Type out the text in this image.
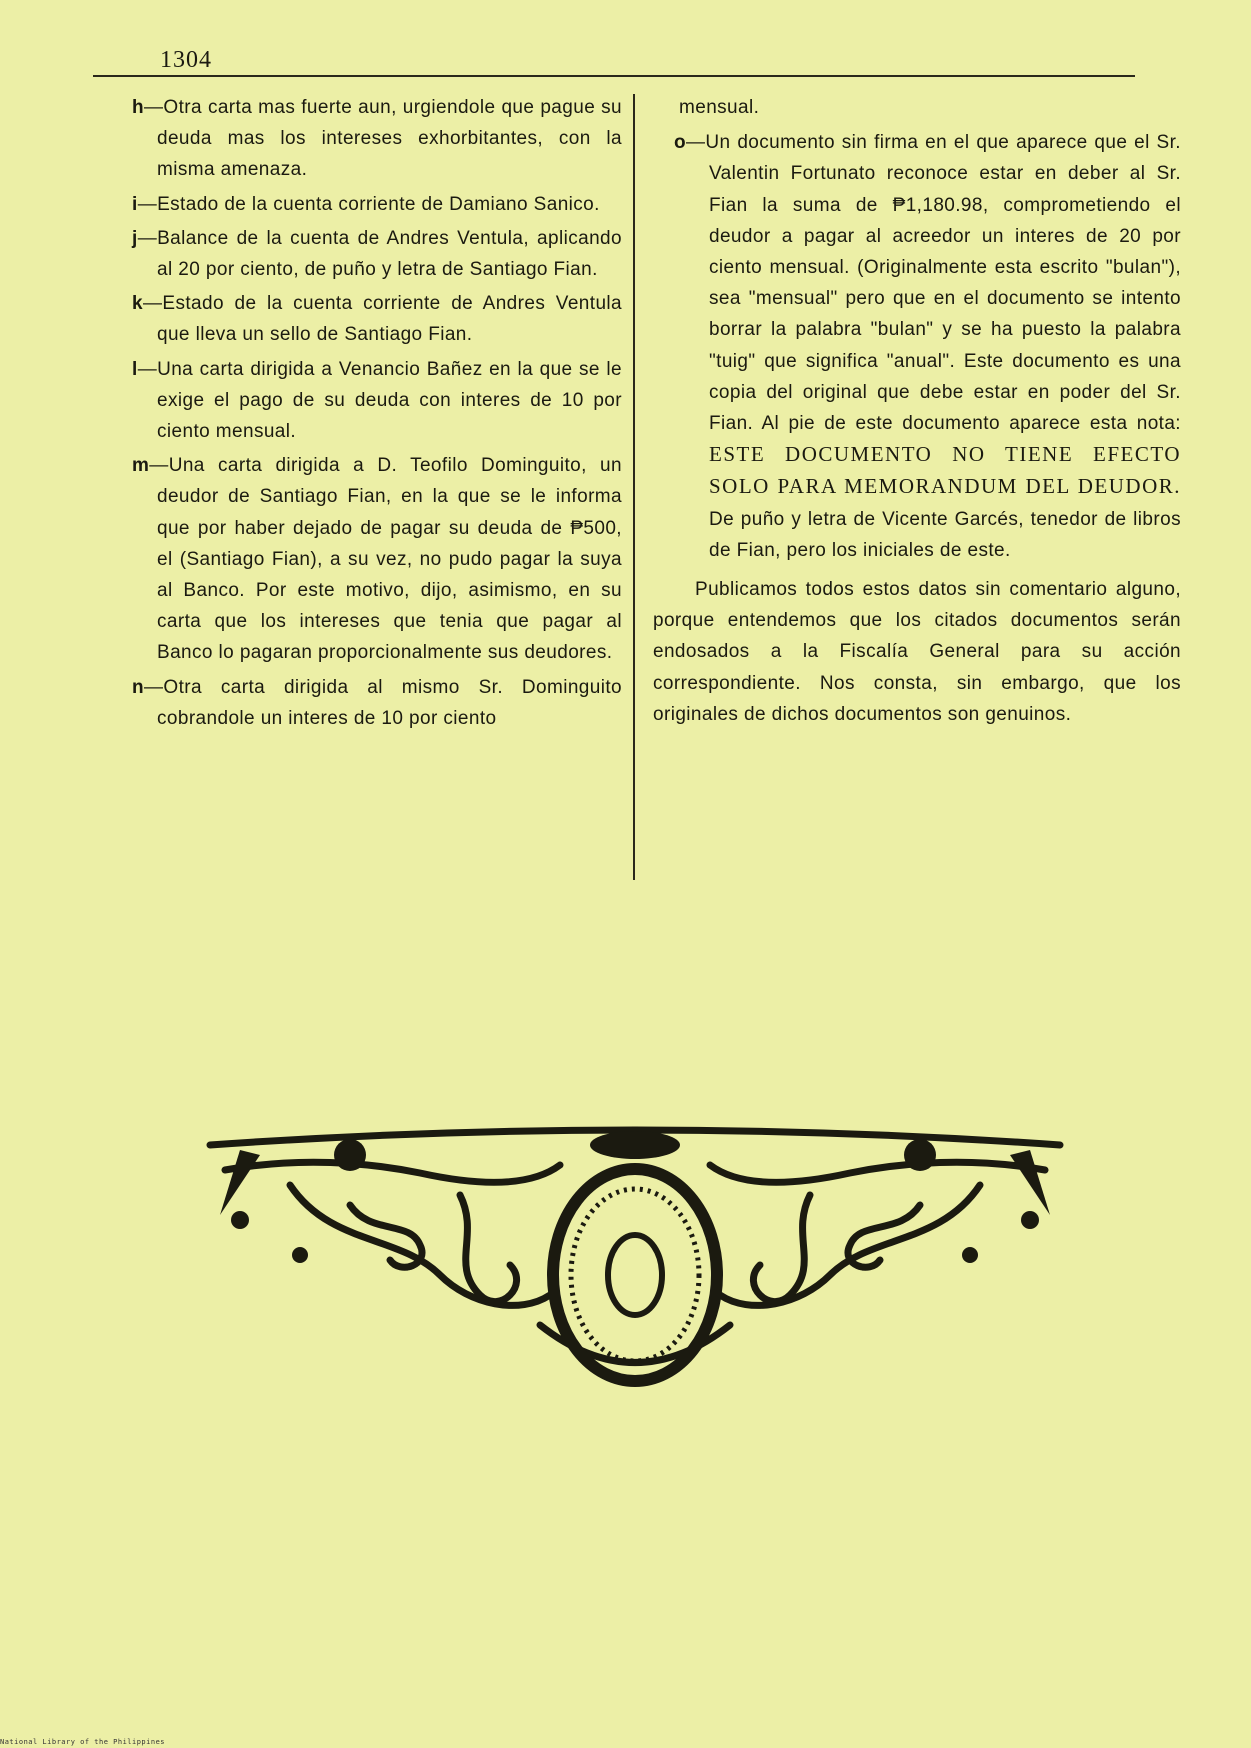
1304

h—Otra carta mas fuerte aun, urgiendole que pague su deuda mas los intereses exhorbitantes, con la misma amenaza.

i—Estado de la cuenta corriente de Damiano Sanico.

j—Balance de la cuenta de Andres Ventula, aplicando al 20 por ciento, de puño y letra de Santiago Fian.

k—Estado de la cuenta corriente de Andres Ventula que lleva un sello de Santiago Fian.

l—Una carta dirigida a Venancio Bañez en la que se le exige el pago de su deuda con interes de 10 por ciento mensual.

m—Una carta dirigida a D. Teofilo Dominguito, un deudor de Santiago Fian, en la que se le informa que por haber dejado de pagar su deuda de ₱500, el (Santiago Fian), a su vez, no pudo pagar la suya al Banco. Por este motivo, dijo, asimismo, en su carta que los intereses que tenia que pagar al Banco lo pagaran proporcionalmente sus deudores.

n—Otra carta dirigida al mismo Sr. Dominguito cobrandole un interes de 10 por ciento

mensual.

o—Un documento sin firma en el que aparece que el Sr. Valentin Fortunato reconoce estar en deber al Sr. Fian la suma de ₱1,180.98, comprometiendo el deudor a pagar al acreedor un interes de 20 por ciento mensual. (Originalmente esta escrito "bulan"), sea "mensual" pero que en el documento se intento borrar la palabra "bulan" y se ha puesto la palabra "tuig" que significa "anual". Este documento es una copia del original que debe estar en poder del Sr. Fian. Al pie de este documento aparece esta nota: ESTE DOCUMENTO NO TIENE EFECTO SOLO PARA MEMORANDUM DEL DEUDOR. De puño y letra de Vicente Garcés, tenedor de libros de Fian, pero los iniciales de este.

Publicamos todos estos datos sin comentario alguno, porque entendemos que los citados documentos serán endosados a la Fiscalía General para su acción correspondiente. Nos consta, sin embargo, que los originales de dichos documentos son genuinos.

National Library of the Philippines
